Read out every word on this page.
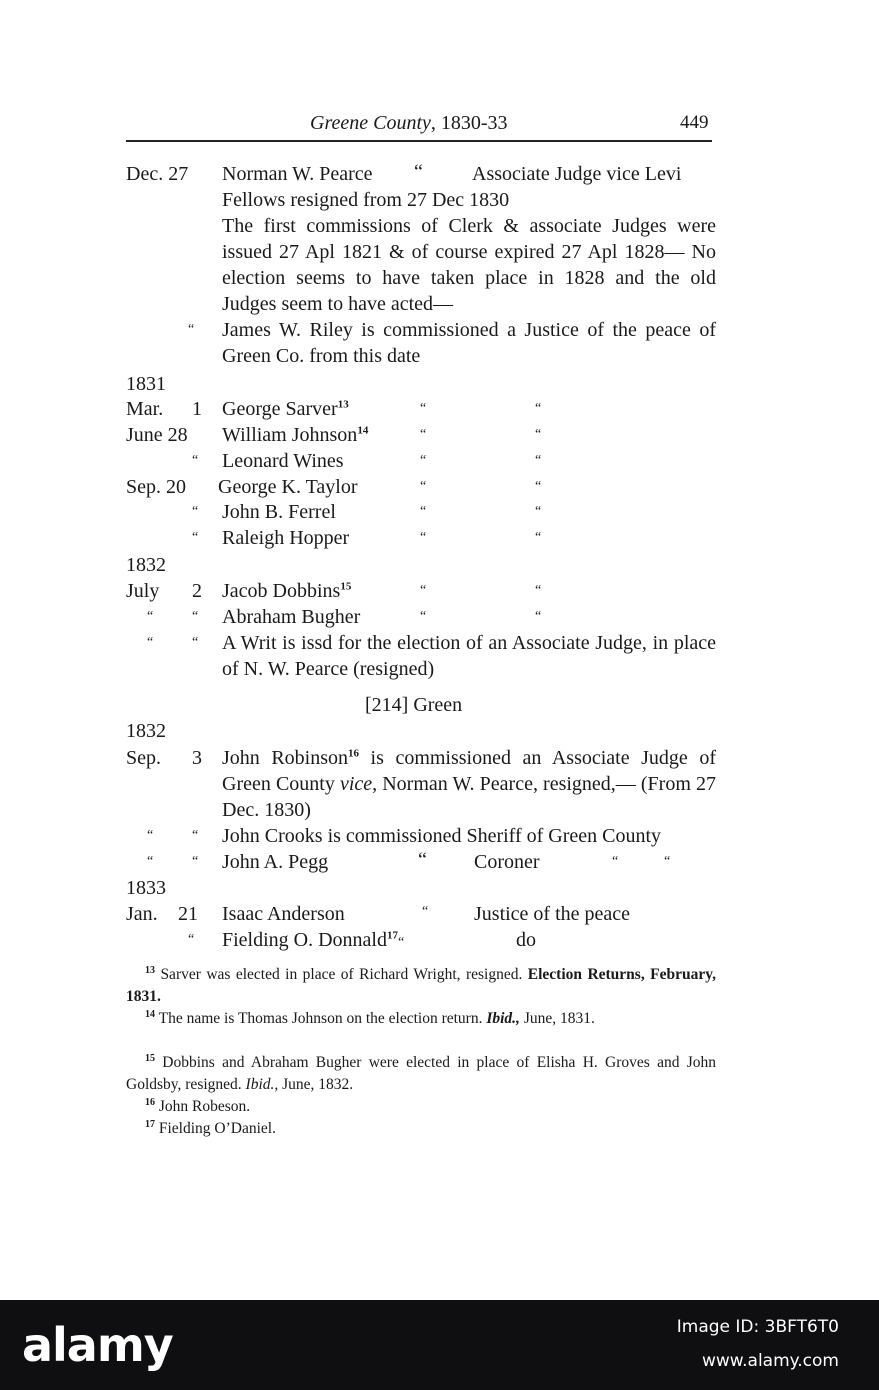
Greene County, 1830-33	449
Dec. 27 Norman W. Pearce “ Associate Judge vice Levi
Fellows resigned from 27 Dec 1830
The first commissions of Clerk & associate Judges were issued 27 Apl 1821 & of course expired 27 Apl 1828— No election seems to have taken place in 1828 and the old Judges seem to have acted—
“ James W. Riley is commissioned a Justice of the peace of Green Co. from this date
1831
Mar. 1 George Sarver$^{13}$	“	“
June 28 William Johnson$^{14}$	“	“
“ Leonard Wines	“	“
Sep. 20 George K. Taylor	“	“
“ John B. Ferrel	“	“
“ Raleigh Hopper	“	“
1832
July 2 Jacob Dobbins$^{15}$	“	“
“	“ Abraham Bugher	“	“
“	“ A Writ is issd for the election of an Associate Judge, in place of N. W. Pearce (resigned)
[214] Green
1832
Sep. 3 John Robinson$^{16}$ is commissioned an Associate Judge of Green County vice, Norman W. Pearce, resigned,— (From 27 Dec. 1830)
“	“ John Crooks is commissioned Sheriff of Green County
“	“ John A. Pegg	“ Coroner	“	“
1833
Jan. 21 Isaac Anderson	“ Justice of the peace
“ Fielding O. Donnald$^{17}$“	do
$^{13}$ Sarver was elected in place of Richard Wright, resigned. Election Returns, February, 1831.
$^{14}$ The name is Thomas Johnson on the election return. Ibid., June, 1831.
$^{15}$ Dobbins and Abraham Bugher were elected in place of Elisha H. Groves and John Goldsby, resigned. Ibid., June, 1832.
$^{16}$ John Robeson.
$^{17}$ Fielding O’Daniel.
alamy	Image ID: 3BFT6T0
www.alamy.com
